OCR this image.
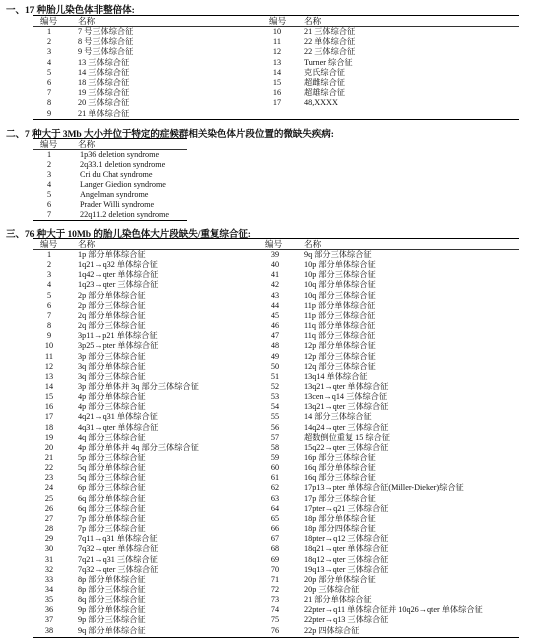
一、17 种胎儿染色体非整倍体:
编号 名称	编号 名称
1	7 号三体综合征
2	8 号三体综合征
3	9 号三体综合征
4	13 三体综合征
5	14 三体综合征
6	18 三体综合征
7	19 三体综合征
8	20 三体综合征
9	21 单体综合征
10	21 三体综合征
11	22 单体综合征
12	22 三体综合征
13	Turner 综合征
14	克氏综合征
15	超雌综合征
16	超雄综合征
17	48,XXXX
二、7 种大于 3Mb 大小并位于特定的症候群相关染色体片段位置的微缺失疾病:
编号 名称
1	1p36 deletion syndrome
2	2q33.1 deletion syndrome
3	Cri du Chat syndrome
4	Langer Giedion syndrome
5	Angelman syndrome
6	Prader Willi syndrome
7	22q11.2 deletion syndrome
三、76 种大于 10Mb 的胎儿染色体大片段缺失/重复综合征:
编号 名称	编号	名称
1	1p 部分单体综合征
2	1q21→q32 单体综合征
3	1q42→qter 单体综合征
4	1q23→qter 三体综合征
5	2p 部分单体综合征
6	2p 部分三体综合征
7	2q 部分单体综合征
8	2q 部分三体综合征
9	3p11→p21 单体综合征
10	3p25→pter 单体综合征
11	3p 部分三体综合征
12	3q 部分单体综合征
13	3q 部分三体综合征
14	3p 部分单体并 3q 部分三体综合征
15	4p 部分单体综合征
16	4p 部分三体综合征
17	4q21→q31 单体综合征
18	4q31→qter 单体综合征
19	4q 部分三体综合征
20	4p 部分单体并 4q 部分三体综合征
21	5p 部分三体综合征
22	5q 部分单体综合征
23	5q 部分三体综合征
24	6p 部分三体综合征
25	6q 部分单体综合征
26	6q 部分三体综合征
27	7p 部分单体综合征
28	7p 部分三体综合征
29	7q11→q31 单体综合征
30	7q32→qter 单体综合征
31	7q21→q31 三体综合征
32	7q32→qter 三体综合征
33	8p 部分单体综合征
34	8p 部分三体综合征
35	8q 部分三体综合征
36	9p 部分单体综合征
37	9p 部分三体综合征
38	9q 部分单体综合征
39	9q 部分三体综合征
40	10p 部分单体综合征
41	10p 部分三体综合征
42	10q 部分单体综合征
43	10q 部分三体综合征
44	11p 部分单体综合征
45	11p 部分三体综合征
46	11q 部分单体综合征
47	11q 部分三体综合征
48	12p 部分单体综合征
49	12p 部分三体综合征
50	12q 部分三体综合征
51	13q14 单体综合征
52	13q21→qter 单体综合征
53	13cen→q14 三体综合征
54	13q21→qter 三体综合征
55	14 部分三体综合征
56	14q24→qter 三体综合征
57	超数倒位重复 15 综合征
58	15q22→qter 三体综合征
59	16p 部分三体综合征
60	16q 部分单体综合征
61	16q 部分三体综合征
62	17p13→pter 单体综合征(Miller-Dieker)综合征
63	17p 部分三体综合征
64	17pter→q21 三体综合征
65	18p 部分单体综合征
66	18p 部分四体综合征
67	18pter→q12 三体综合征
68	18q21→qter 单体综合征
69	18q12→qter 三体综合征
70	19q13→qter 三体综合征
71	20p 部分单体综合征
72	20p 三体综合征
73	21 部分单体综合征
74	22pter→q11 单体综合征并 10q26→qter 单体综合征
75	22pter→q13 三体综合征
76	22p 四体综合征
